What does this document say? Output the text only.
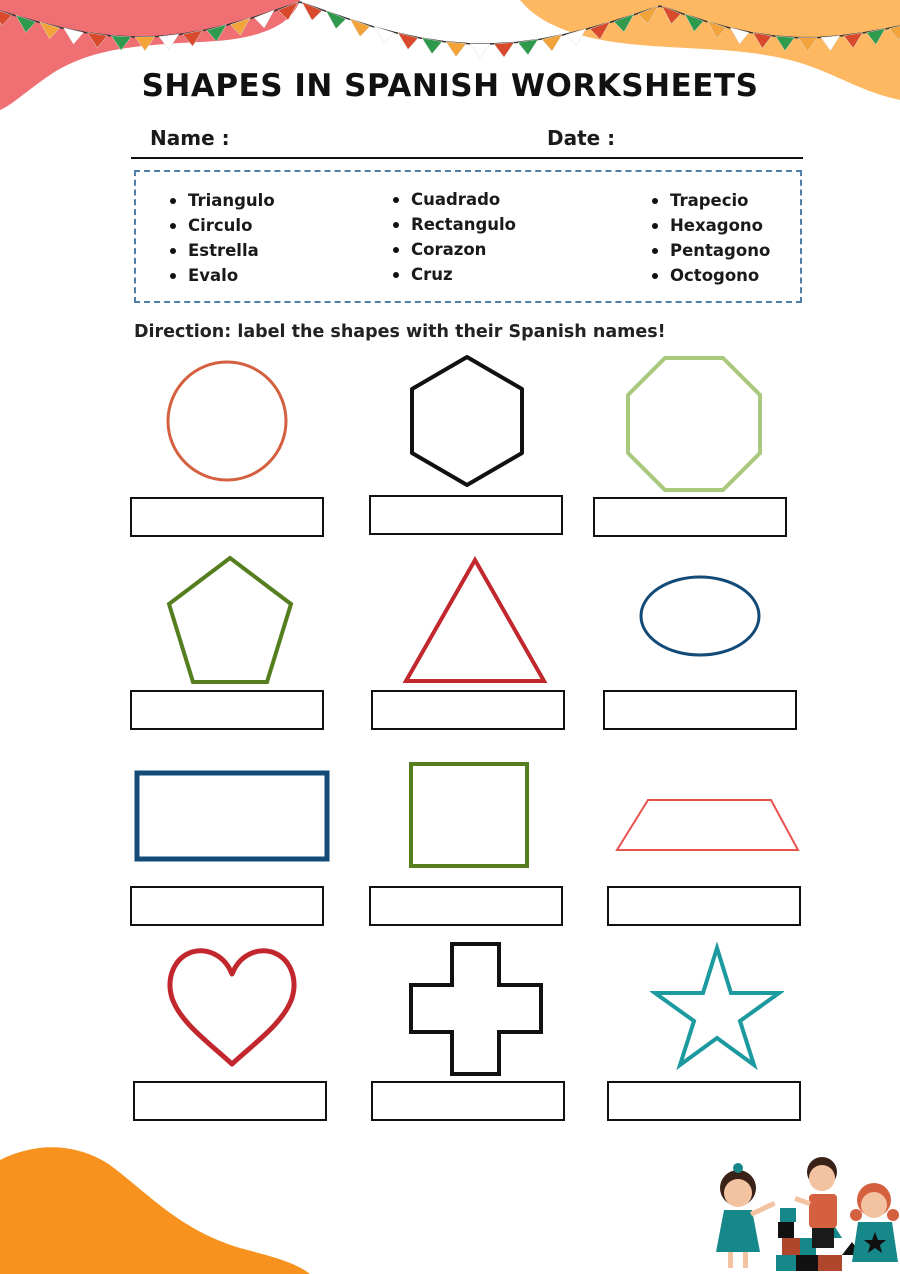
SHAPES IN SPANISH WORKSHEETS
Name :	Date :
Triangulo
Circulo
Estrella
Evalo
Cuadrado
Rectangulo
Corazon
Cruz
Trapecio
Hexagono
Pentagono
Octogono
Direction: label the shapes with their Spanish names!
